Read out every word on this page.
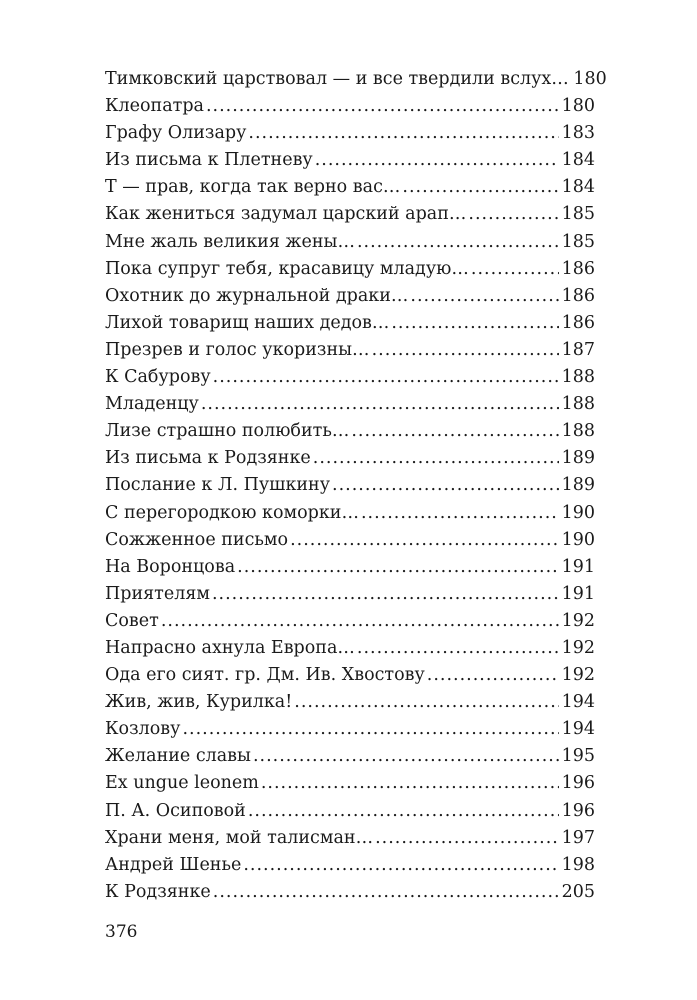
Тимковский царствовал — и все твердили вслух… 180
Клеопатра .....	180
Графу Олизару .....	183
Из письма к Плетневу .....	184
Т — прав, когда так верно вас… .....	184
Как жениться задумал царский арап… .....	185
Мне жаль великия жены… .....	185
Пока супруг тебя, красавицу младую… .....	186
Охотник до журнальной драки… .....	186
Лихой товарищ наших дедов… .....	186
Презрев и голос укоризны… .....	187
К Сабурову .....	188
Младенцу .....	188
Лизе страшно полюбить… .....	188
Из письма к Родзянке .....	189
Послание к Л. Пушкину .....	189
С перегородкою коморки… .....	190
Сожженное письмо .....	190
На Воронцова .....	191
Приятелям .....	191
Совет .....	192
Напрасно ахнула Европа… .....	192
Ода его сият. гр. Дм. Ив. Хвостову .....	192
Жив, жив, Курилка! .....	194
Козлову .....	194
Желание славы .....	195
Ex ungue leonem .....	196
П. А. Осиповой .....	196
Храни меня, мой талисман… .....	197
Андрей Шенье .....	198
К Родзянке .....	205
376
